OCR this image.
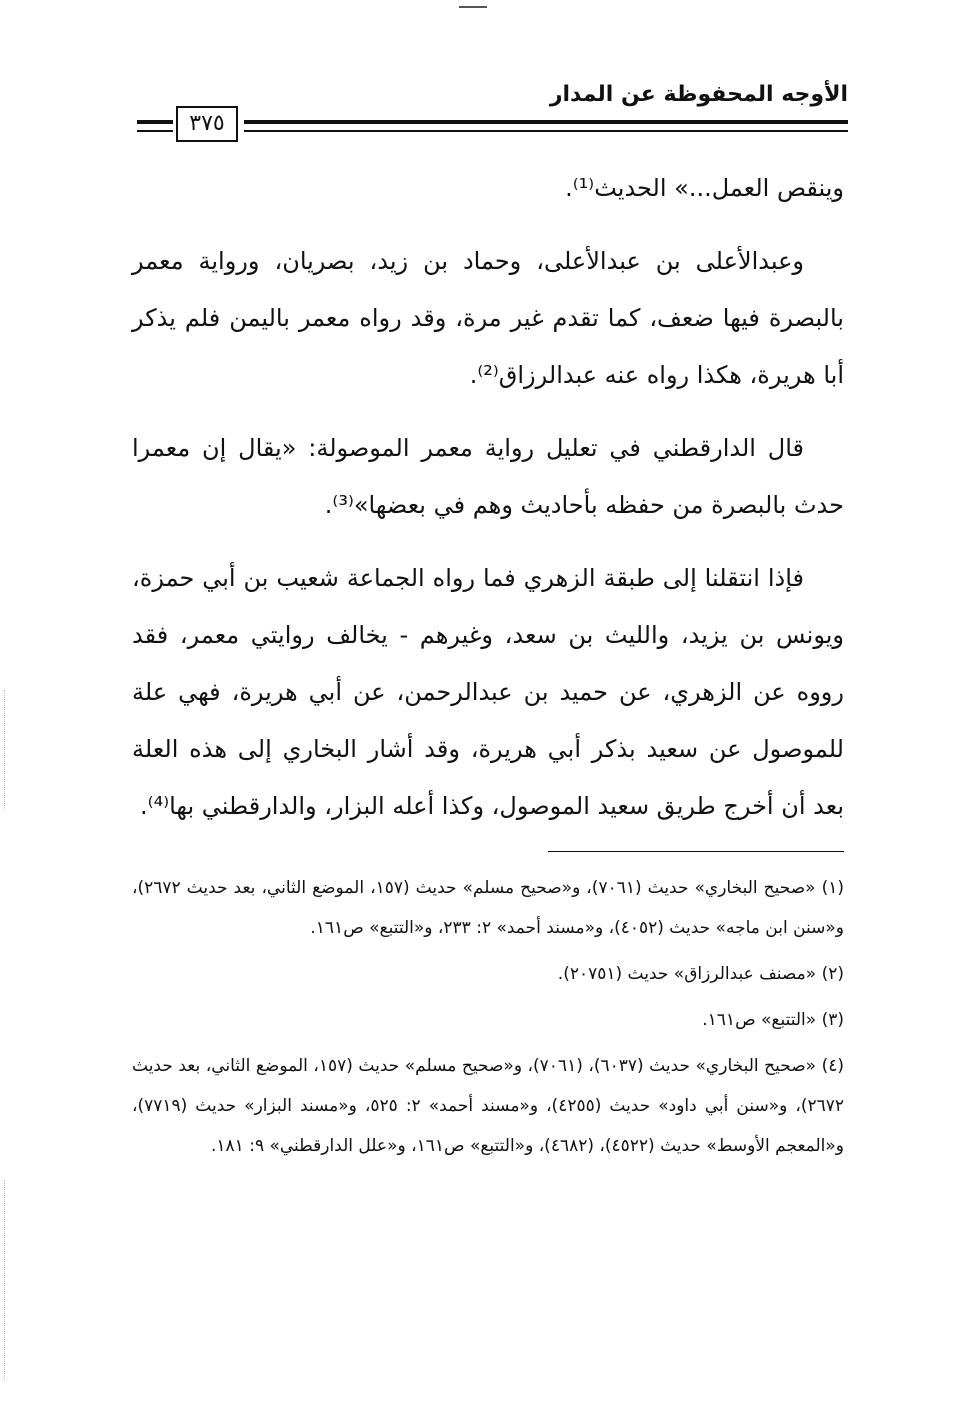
الأوجه المحفوظة عن المدار
٣٧٥

وينقص العمل...» الحديث⁽¹⁾.

وعبدالأعلى بن عبدالأعلى، وحماد بن زيد، بصريان، ورواية معمر بالبصرة فيها ضعف، كما تقدم غير مرة، وقد رواه معمر باليمن فلم يذكر أبا هريرة، هكذا رواه عنه عبدالرزاق⁽²⁾.

قال الدارقطني في تعليل رواية معمر الموصولة: «يقال إن معمرا حدث بالبصرة من حفظه بأحاديث وهم في بعضها»⁽³⁾.

فإذا انتقلنا إلى طبقة الزهري فما رواه الجماعة شعيب بن أبي حمزة، ويونس بن يزيد، والليث بن سعد، وغيرهم - يخالف روايتي معمر، فقد رووه عن الزهري، عن حميد بن عبدالرحمن، عن أبي هريرة، فهي علة للموصول عن سعيد بذكر أبي هريرة، وقد أشار البخاري إلى هذه العلة بعد أن أخرج طريق سعيد الموصول، وكذا أعله البزار، والدارقطني بها⁽⁴⁾.

(١) «صحيح البخاري» حديث (٧٠٦١)، و«صحيح مسلم» حديث (١٥٧، الموضع الثاني، بعد حديث ٢٦٧٢)، و«سنن ابن ماجه» حديث (٤٠٥٢)، و«مسند أحمد» ٢: ٢٣٣، و«التتبع» ص١٦١.
(٢) «مصنف عبدالرزاق» حديث (٢٠٧٥١).
(٣) «التتبع» ص١٦١.
(٤) «صحيح البخاري» حديث (٦٠٣٧)، (٧٠٦١)، و«صحيح مسلم» حديث (١٥٧، الموضع الثاني، بعد حديث ٢٦٧٢)، و«سنن أبي داود» حديث (٤٢٥٥)، و«مسند أحمد» ٢: ٥٢٥، و«مسند البزار» حديث (٧٧١٩)، و«المعجم الأوسط» حديث (٤٥٢٢)، (٤٦٨٢)، و«التتبع» ص١٦١، و«علل الدارقطني» ٩: ١٨١.
